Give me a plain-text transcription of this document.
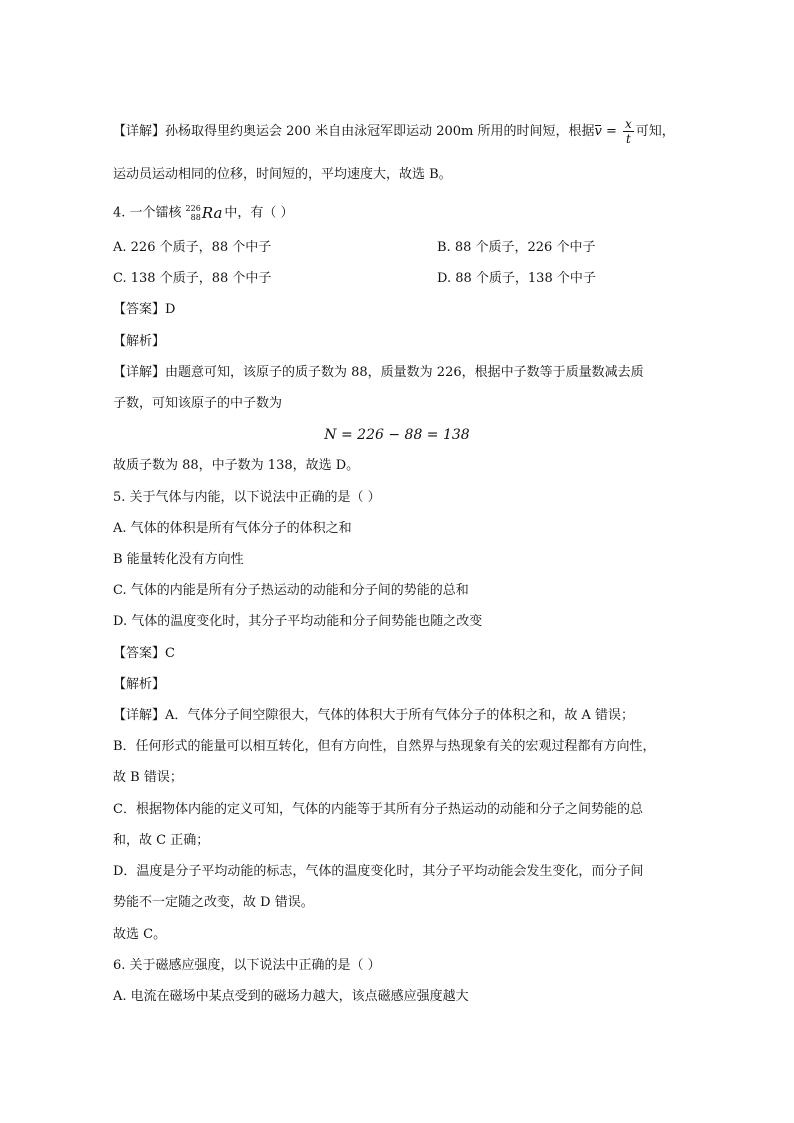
【详解】孙杨取得里约奥运会 200 米自由泳冠军即运动 200m 所用的时间短，根据$v = \frac{x}{t}$ 可知，
运动员运动相同的位移，时间短的，平均速度大，故选 B。
4. 一个镭核 226
88 Ra 中，有（ ）
A. 226 个质子，88 个中子	B. 88 个质子，226 个中子
C. 138 个质子，88 个中子	D. 88 个质子，138 个中子
【答案】D
【解析】
【详解】由题意可知，该原子的质子数为 88，质量数为 226，根据中子数等于质量数减去质
子数，可知该原子的中子数为
N = 226 − 88 = 138
故质子数为 88，中子数为 138，故选 D。
5. 关于气体与内能，以下说法中正确的是（ ）
A. 气体的体积是所有气体分子的体积之和
B 能量转化没有方向性
C. 气体的内能是所有分子热运动的动能和分子间的势能的总和
D. 气体的温度变化时，其分子平均动能和分子间势能也随之改变
【答案】C
【解析】
【详解】A．气体分子间空隙很大，气体的体积大于所有气体分子的体积之和，故 A 错误；
B．任何形式的能量可以相互转化，但有方向性，自然界与热现象有关的宏观过程都有方向性，
故 B 错误；
C．根据物体内能的定义可知，气体的内能等于其所有分子热运动的动能和分子之间势能的总
和，故 C 正确；
D．温度是分子平均动能的标志，气体的温度变化时，其分子平均动能会发生变化，而分子间
势能不一定随之改变，故 D 错误。
故选 C。
6. 关于磁感应强度，以下说法中正确的是（ ）
A. 电流在磁场中某点受到的磁场力越大，该点磁感应强度越大
